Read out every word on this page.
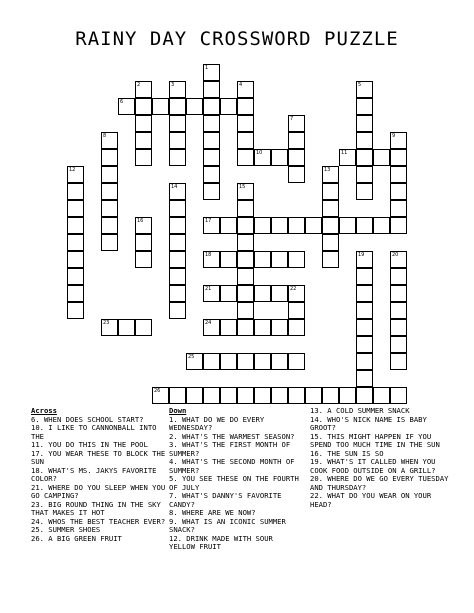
RAINY DAY CROSSWORD PUZZLE
1
2	3	4	5
7
8	9
12	13
14	15
16
19	20
22
6
10	11
17
18
21
23	24
25
26
Across
6. WHEN DOES SCHOOL START?
10. I LIKE TO CANNONBALL INTO THE
11. YOU DO THIS IN THE POOL
17. YOU WEAR THESE TO BLOCK THE SUN
18. WHAT'S MS. JAKYS FAVORITE COLOR?
21. WHERE DO YOU SLEEP WHEN YOU GO CAMPING?
23. BIG ROUND THING IN THE SKY THAT MAKES IT HOT
24. WHOS THE BEST TEACHER EVER?
25. SUMMER SHOES
26. A BIG GREEN FRUIT
Down
1. WHAT DO WE DO EVERY WEDNESDAY?
2. WHAT'S THE WARMEST SEASON?
3. WHAT'S THE FIRST MONTH OF SUMMER?
4. WHAT'S THE SECOND MONTH OF SUMMER?
5. YOU SEE THESE ON THE FOURTH OF JULY
7. WHAT'S DANNY'S FAVORITE CANDY?
8. WHERE ARE WE NOW?
9. WHAT IS AN ICONIC SUMMER SNACK?
12. DRINK MADE WITH SOUR YELLOW FRUIT
13. A COLD SUMMER SNACK
14. WHO'S NICK NAME IS BABY GROOT?
15. THIS MIGHT HAPPEN IF YOU SPEND TOO MUCH TIME IN THE SUN
16. THE SUN IS SO
19. WHAT'S IT CALLED WHEN YOU COOK FOOD OUTSIDE ON A GRILL?
20. WHERE DO WE GO EVERY TUESDAY AND THURSDAY?
22. WHAT DO YOU WEAR ON YOUR HEAD?
